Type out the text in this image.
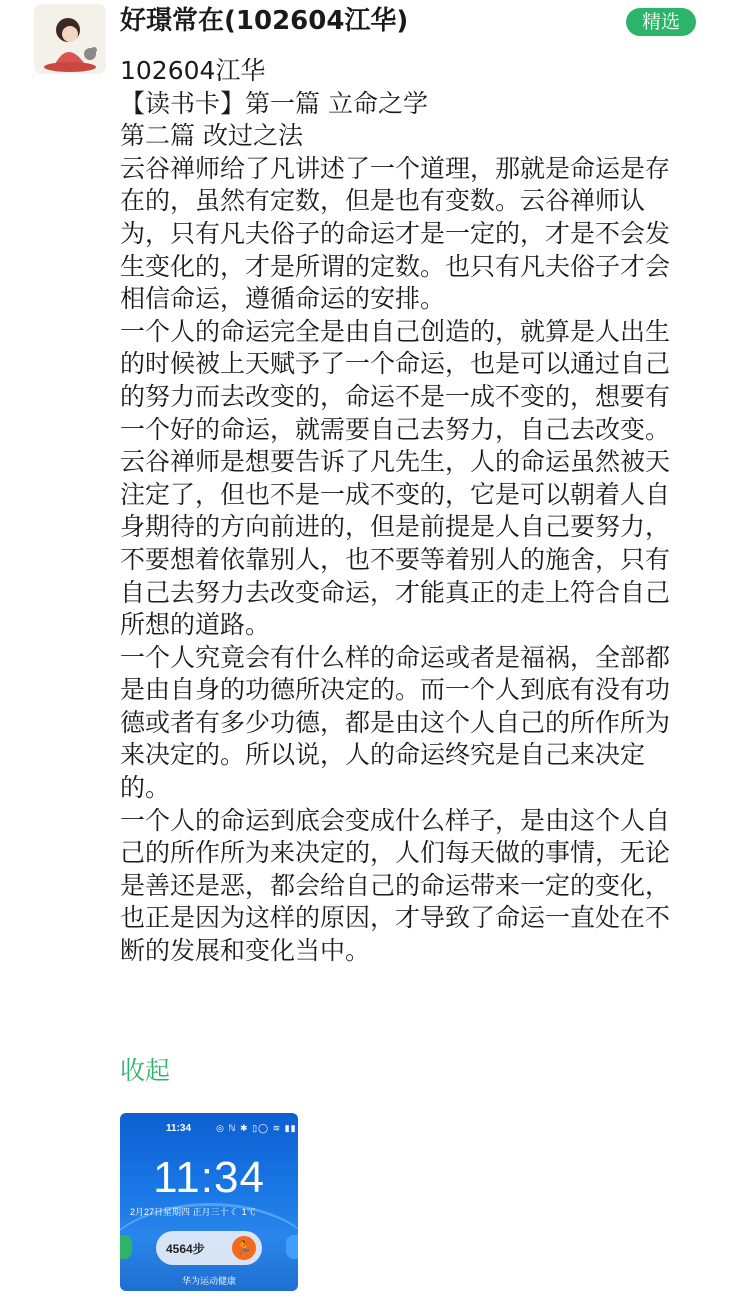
好璟常在(102604江华)	精选

102604江华

【读书卡】第一篇 立命之学

第二篇 改过之法

云谷禅师给了凡讲述了一个道理，那就是命运是存在的，虽然有定数，但是也有变数。云谷禅师认为，只有凡夫俗子的命运才是一定的，才是不会发生变化的，才是所谓的定数。也只有凡夫俗子才会相信命运，遵循命运的安排。

一个人的命运完全是由自己创造的，就算是人出生的时候被上天赋予了一个命运，也是可以通过自己的努力而去改变的，命运不是一成不变的，想要有一个好的命运，就需要自己去努力，自己去改变。云谷禅师是想要告诉了凡先生，人的命运虽然被天注定了，但也不是一成不变的，它是可以朝着人自身期待的方向前进的，但是前提是人自己要努力，不要想着依靠别人，也不要等着别人的施舍，只有自己去努力去改变命运，才能真正的走上符合自己所想的道路。

一个人究竟会有什么样的命运或者是福祸，全部都是由自身的功德所决定的。而一个人到底有没有功德或者有多少功德，都是由这个人自己的所作所为来决定的。所以说，人的命运终究是自己来决定的。

一个人的命运到底会变成什么样子，是由这个人自己的所作所为来决定的，人们每天做的事情，无论是善还是恶，都会给自己的命运带来一定的变化，也正是因为这样的原因，才导致了命运一直处在不断的发展和变化当中。

收起
11:34	◎ ℕ ✱ ▯◯ ≋ ▮▮
11:34
2月27日星期四 正月三十 ☾ 1℃
4564步	🏃
华为运动健康
